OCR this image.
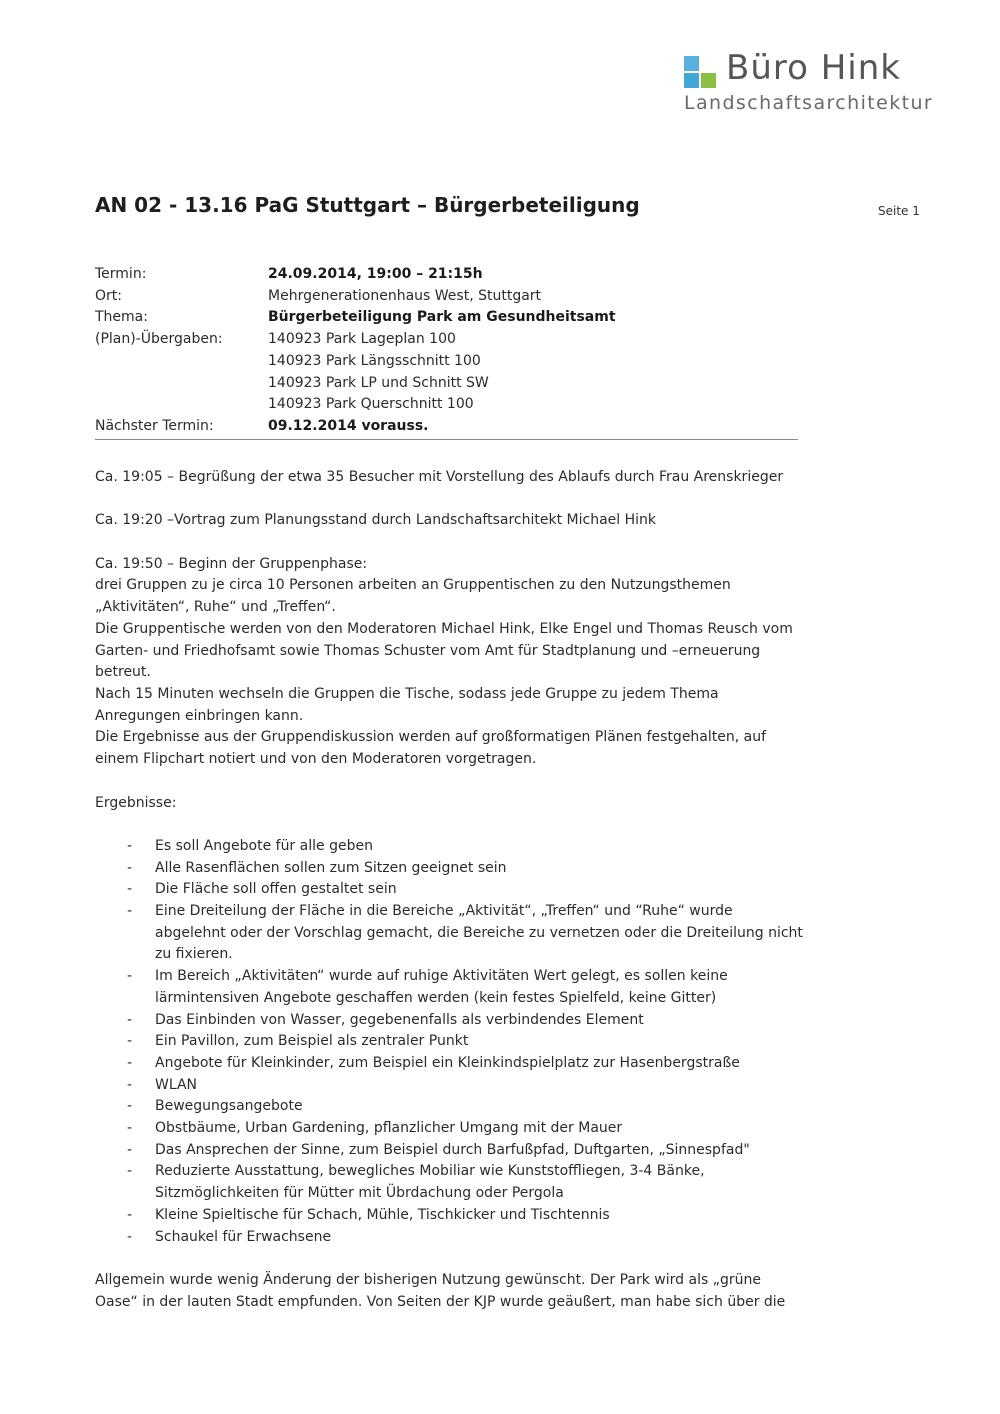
Büro Hink
Landschaftsarchitektur
AN 02 - 13.16 PaG Stuttgart – Bürgerbeteiligung	Seite 1
Termin:	24.09.2014, 19:00 – 21:15h
Ort:	Mehrgenerationenhaus West, Stuttgart
Thema:	Bürgerbeteiligung Park am Gesundheitsamt
(Plan)-Übergaben:	140923 Park Lageplan 100
140923 Park Längsschnitt 100
140923 Park LP und Schnitt SW
140923 Park Querschnitt 100
Nächster Termin:	09.12.2014 vorauss.

Ca. 19:05 – Begrüßung der etwa 35 Besucher mit Vorstellung des Ablaufs durch Frau Arenskrieger

Ca. 19:20 –Vortrag zum Planungsstand durch Landschaftsarchitekt Michael Hink

Ca. 19:50 – Beginn der Gruppenphase:

drei Gruppen zu je circa 10 Personen arbeiten an Gruppentischen zu den Nutzungsthemen „Aktivitäten“, Ruhe“ und „Treffen“.

Die Gruppentische werden von den Moderatoren Michael Hink, Elke Engel und Thomas Reusch vom Garten- und Friedhofsamt sowie Thomas Schuster vom Amt für Stadtplanung und –erneuerung betreut.

Nach 15 Minuten wechseln die Gruppen die Tische, sodass jede Gruppe zu jedem Thema Anregungen einbringen kann.

Die Ergebnisse aus der Gruppendiskussion werden auf großformatigen Plänen festgehalten, auf einem Flipchart notiert und von den Moderatoren vorgetragen.

Ergebnisse:

- Es soll Angebote für alle geben
- Alle Rasenflächen sollen zum Sitzen geeignet sein
- Die Fläche soll offen gestaltet sein
- Eine Dreiteilung der Fläche in die Bereiche „Aktivität“, „Treffen“ und “Ruhe“ wurde abgelehnt oder der Vorschlag gemacht, die Bereiche zu vernetzen oder die Dreiteilung nicht zu fixieren.
- Im Bereich „Aktivitäten“ wurde auf ruhige Aktivitäten Wert gelegt, es sollen keine lärmintensiven Angebote geschaffen werden (kein festes Spielfeld, keine Gitter)
- Das Einbinden von Wasser, gegebenenfalls als verbindendes Element
- Ein Pavillon, zum Beispiel als zentraler Punkt
- Angebote für Kleinkinder, zum Beispiel ein Kleinkindspielplatz zur Hasenbergstraße
- WLAN
- Bewegungsangebote
- Obstbäume, Urban Gardening, pflanzlicher Umgang mit der Mauer
- Das Ansprechen der Sinne, zum Beispiel durch Barfußpfad, Duftgarten, „Sinnespfad"
- Reduzierte Ausstattung, bewegliches Mobiliar wie Kunststoffliegen, 3-4 Bänke, Sitzmöglichkeiten für Mütter mit Übrdachung oder Pergola
- Kleine Spieltische für Schach, Mühle, Tischkicker und Tischtennis
- Schaukel für Erwachsene

Allgemein wurde wenig Änderung der bisherigen Nutzung gewünscht. Der Park wird als „grüne Oase“ in der lauten Stadt empfunden. Von Seiten der KJP wurde geäußert, man habe sich über die
